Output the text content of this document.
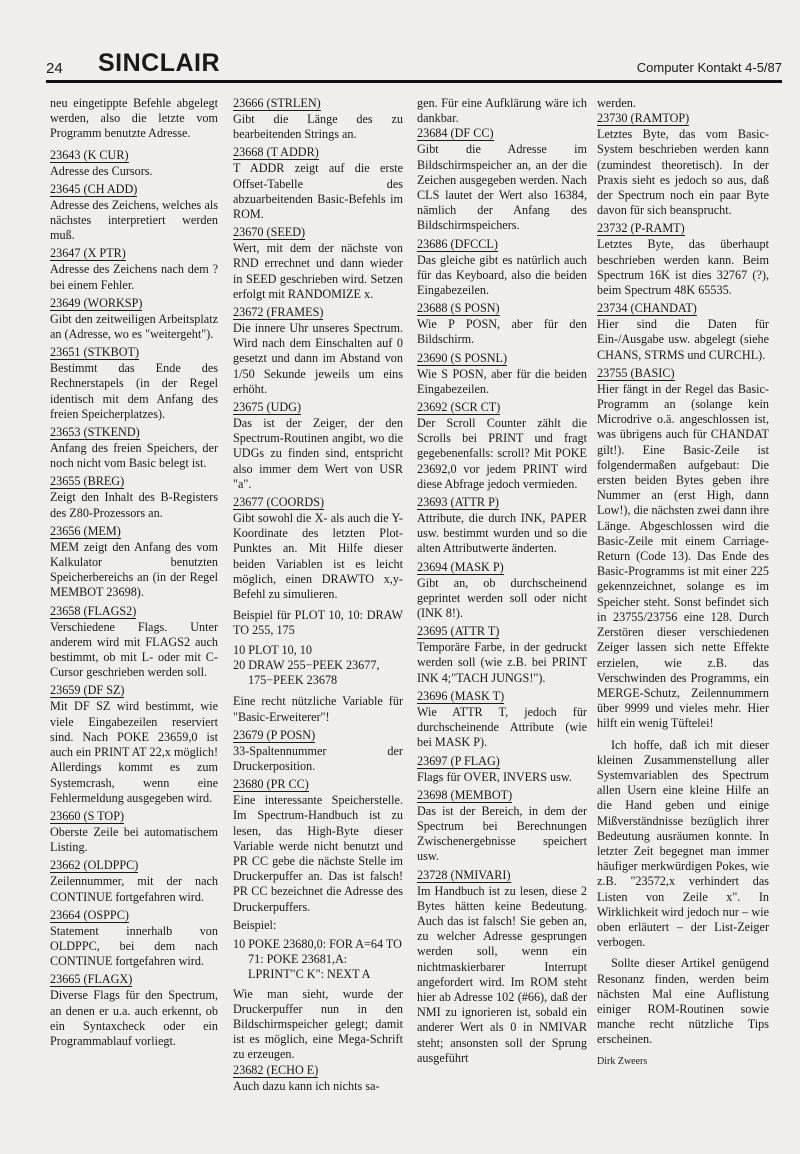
24 SINCLAIR	Computer Kontakt 4-5/87

neu eingetippte Befehle abgelegt werden, also die letzte vom Programm benutzte Adresse.

23643 (K CUR)

Adresse des Cursors.

23645 (CH ADD)

Adresse des Zeichens, welches als nächstes interpretiert werden muß.

23647 (X PTR)

Adresse des Zeichens nach dem ? bei einem Fehler.

23649 (WORKSP)

Gibt den zeitweiligen Arbeitsplatz an (Adresse, wo es "weitergeht").

23651 (STKBOT)

Bestimmt das Ende des Rechnerstapels (in der Regel identisch mit dem Anfang des freien Speicherplatzes).

23653 (STKEND)

Anfang des freien Speichers, der noch nicht vom Basic belegt ist.

23655 (BREG)

Zeigt den Inhalt des B-Registers des Z80-Prozessors an.

23656 (MEM)

MEM zeigt den Anfang des vom Kalkulator benutzten Speicherbereichs an (in der Regel MEMBOT 23698).

23658 (FLAGS2)

Verschiedene Flags. Unter anderem wird mit FLAGS2 auch bestimmt, ob mit L- oder mit C-Cursor geschrieben werden soll.

23659 (DF SZ)

Mit DF SZ wird bestimmt, wie viele Eingabezeilen reserviert sind. Nach POKE 23659,0 ist auch ein PRINT AT 22,x möglich! Allerdings kommt es zum Systemcrash, wenn eine Fehlermeldung ausgegeben wird.

23660 (S TOP)

Oberste Zeile bei automatischem Listing.

23662 (OLDPPC)

Zeilennummer, mit der nach CONTINUE fortgefahren wird.

23664 (OSPPC)

Statement innerhalb von OLDPPC, bei dem nach CONTINUE fortgefahren wird.

23665 (FLAGX)

Diverse Flags für den Spectrum, an denen er u.a. auch erkennt, ob ein Syntaxcheck oder ein Programmablauf vorliegt.

23666 (STRLEN)

Gibt die Länge des zu bearbeitenden Strings an.

23668 (T ADDR)

T ADDR zeigt auf die erste Offset-Tabelle des abzuarbeitenden Basic-Befehls im ROM.

23670 (SEED)

Wert, mit dem der nächste von RND errechnet und dann wieder in SEED geschrieben wird. Setzen erfolgt mit RANDOMIZE x.

23672 (FRAMES)

Die innere Uhr unseres Spectrum. Wird nach dem Einschalten auf 0 gesetzt und dann im Abstand von 1/50 Sekunde jeweils um eins erhöht.

23675 (UDG)

Das ist der Zeiger, der den Spectrum-Routinen angibt, wo die UDGs zu finden sind, entspricht also immer dem Wert von USR "a".

23677 (COORDS)

Gibt sowohl die X- als auch die Y-Koordinate des letzten Plot-Punktes an. Mit Hilfe dieser beiden Variablen ist es leicht möglich, einen DRAWTO x,y-Befehl zu simulieren.

Beispiel für PLOT 10, 10: DRAW TO 255, 175

10 PLOT 10, 10
20 DRAW 255−PEEK 23677, 175−PEEK 23678

Eine recht nützliche Variable für "Basic-Erweiterer"!

23679 (P POSN)

33-Spaltennummer der Druckerposition.

23680 (PR CC)

Eine interessante Speicherstelle. Im Spectrum-Handbuch ist zu lesen, das High-Byte dieser Variable werde nicht benutzt und PR CC gebe die nächste Stelle im Druckerpuffer an. Das ist falsch! PR CC bezeichnet die Adresse des Druckerpuffers.

Beispiel:

10 POKE 23680,0: FOR A=64 TO 71: POKE 23681,A: LPRINT"C K": NEXT A

Wie man sieht, wurde der Druckerpuffer nun in den Bildschirmspeicher gelegt; damit ist es möglich, eine Mega-Schrift zu erzeugen.

23682 (ECHO E)

Auch dazu kann ich nichts sa-

gen. Für eine Aufklärung wäre ich dankbar.

23684 (DF CC)

Gibt die Adresse im Bildschirmspeicher an, an der die Zeichen ausgegeben werden. Nach CLS lautet der Wert also 16384, nämlich der Anfang des Bildschirmspeichers.

23686 (DFCCL)

Das gleiche gibt es natürlich auch für das Keyboard, also die beiden Eingabezeilen.

23688 (S POSN)

Wie P POSN, aber für den Bildschirm.

23690 (S POSNL)

Wie S POSN, aber für die beiden Eingabezeilen.

23692 (SCR CT)

Der Scroll Counter zählt die Scrolls bei PRINT und fragt gegebenenfalls: scroll? Mit POKE 23692,0 vor jedem PRINT wird diese Abfrage jedoch vermieden.

23693 (ATTR P)

Attribute, die durch INK, PAPER usw. bestimmt wurden und so die alten Attributwerte änderten.

23694 (MASK P)

Gibt an, ob durchscheinend geprintet werden soll oder nicht (INK 8!).

23695 (ATTR T)

Temporäre Farbe, in der gedruckt werden soll (wie z.B. bei PRINT INK 4;"TACH JUNGS!").

23696 (MASK T)

Wie ATTR T, jedoch für durchscheinende Attribute (wie bei MASK P).

23697 (P FLAG)

Flags für OVER, INVERS usw.

23698 (MEMBOT)

Das ist der Bereich, in dem der Spectrum bei Berechnungen Zwischenergebnisse speichert usw.

23728 (NMIVARI)

Im Handbuch ist zu lesen, diese 2 Bytes hätten keine Bedeutung. Auch das ist falsch! Sie geben an, zu welcher Adresse gesprungen werden soll, wenn ein nichtmaskierbarer Interrupt angefordert wird. Im ROM steht hier ab Adresse 102 (#66), daß der NMI zu ignorieren ist, sobald ein anderer Wert als 0 in NMIVAR steht; ansonsten soll der Sprung ausgeführt

werden.

23730 (RAMTOP)

Letztes Byte, das vom Basic-System beschrieben werden kann (zumindest theoretisch). In der Praxis sieht es jedoch so aus, daß der Spectrum noch ein paar Byte davon für sich beansprucht.

23732 (P-RAMT)

Letztes Byte, das überhaupt beschrieben werden kann. Beim Spectrum 16K ist dies 32767 (?), beim Spectrum 48K 65535.

23734 (CHANDAT)

Hier sind die Daten für Ein-/Ausgabe usw. abgelegt (siehe CHANS, STRMS und CURCHL).

23755 (BASIC)

Hier fängt in der Regel das Basic-Programm an (solange kein Microdrive o.ä. angeschlossen ist, was übrigens auch für CHANDAT gilt!). Eine Basic-Zeile ist folgendermaßen aufgebaut: Die ersten beiden Bytes geben ihre Nummer an (erst High, dann Low!), die nächsten zwei dann ihre Länge. Abgeschlossen wird die Basic-Zeile mit einem Carriage-Return (Code 13). Das Ende des Basic-Programms ist mit einer 225 gekennzeichnet, solange es im Speicher steht. Sonst befindet sich in 23755/23756 eine 128. Durch Zerstören dieser verschiedenen Zeiger lassen sich nette Effekte erzielen, wie z.B. das Verschwinden des Programms, ein MERGE-Schutz, Zeilennummern über 9999 und vieles mehr. Hier hilft ein wenig Tüftelei!

Ich hoffe, daß ich mit dieser kleinen Zusammenstellung aller Systemvariablen des Spectrum allen Usern eine kleine Hilfe an die Hand geben und einige Mißverständnisse bezüglich ihrer Bedeutung ausräumen konnte. In letzter Zeit begegnet man immer häufiger merkwürdigen Pokes, wie z.B. "23572,x verhindert das Listen von Zeile x". In Wirklichkeit wird jedoch nur – wie oben erläutert – der List-Zeiger verbogen.

Sollte dieser Artikel genügend Resonanz finden, werden beim nächsten Mal eine Auflistung einiger ROM-Routinen sowie manche recht nützliche Tips erscheinen.

Dirk Zweers
